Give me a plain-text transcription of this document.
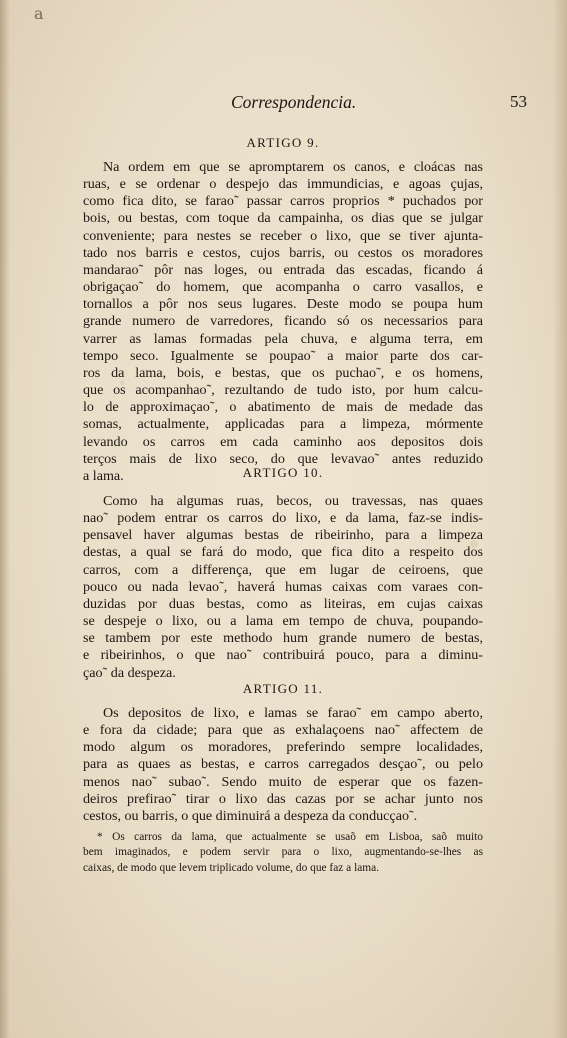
a
Correspondencia.	53
ARTIGO 9.
Na ordem em que se apromptarem os canos, e cloácas nas
ruas, e se ordenar o despejo das immundicias, e agoas çujas,
como fica dito, se farao˜ passar carros proprios * puchados por
bois, ou bestas, com toque da campainha, os dias que se julgar
conveniente; para nestes se receber o lixo, que se tiver ajunta-
tado nos barris e cestos, cujos barris, ou cestos os moradores
mandarao˜ pôr nas loges, ou entrada das escadas, ficando á
obrigaçao˜ do homem, que acompanha o carro vasallos, e
tornallos a pôr nos seus lugares. Deste modo se poupa hum
grande numero de varredores, ficando só os necessarios para
varrer as lamas formadas pela chuva, e alguma terra, em
tempo seco. Igualmente se poupao˜ a maior parte dos car-
ros da lama, bois, e bestas, que os puchao˜, e os homens,
que os acompanhao˜, rezultando de tudo isto, por hum calcu-
lo de approximaçao˜, o abatimento de mais de medade das
somas, actualmente, applicadas para a limpeza, mórmente
levando os carros em cada caminho aos depositos dois
terços mais de lixo seco, do que levavao˜ antes reduzido
a lama.	ARTIGO 10.
Como ha algumas ruas, becos, ou travessas, nas quaes
nao˜ podem entrar os carros do lixo, e da lama, faz-se indis-
pensavel haver algumas bestas de ribeirinho, para a limpeza
destas, a qual se fará do modo, que fica dito a respeito dos
carros, com a differença, que em lugar de ceiroens, que
pouco ou nada levao˜, haverá humas caixas com varaes con-
duzidas por duas bestas, como as liteiras, em cujas caixas
se despeje o lixo, ou a lama em tempo de chuva, poupando-
se tambem por este methodo hum grande numero de bestas,
e ribeirinhos, o que nao˜ contribuirá pouco, para a diminu-
çao˜ da despeza.
ARTIGO 11.
Os depositos de lixo, e lamas se farao˜ em campo aberto,
e fora da cidade; para que as exhalaçoens nao˜ affectem de
modo algum os moradores, preferindo sempre localidades,
para as quaes as bestas, e carros carregados desçao˜, ou pelo
menos nao˜ subao˜. Sendo muito de esperar que os fazen-
deiros prefirao˜ tirar o lixo das cazas por se achar junto nos
cestos, ou barris, o que diminuirá a despeza da conducçao˜.
* Os carros da lama, que actualmente se usaõ em Lisboa, saõ muito
bem imaginados, e podem servir para o lixo, augmentando-se-lhes as
caixas, de modo que levem triplicado volume, do que faz a lama.
